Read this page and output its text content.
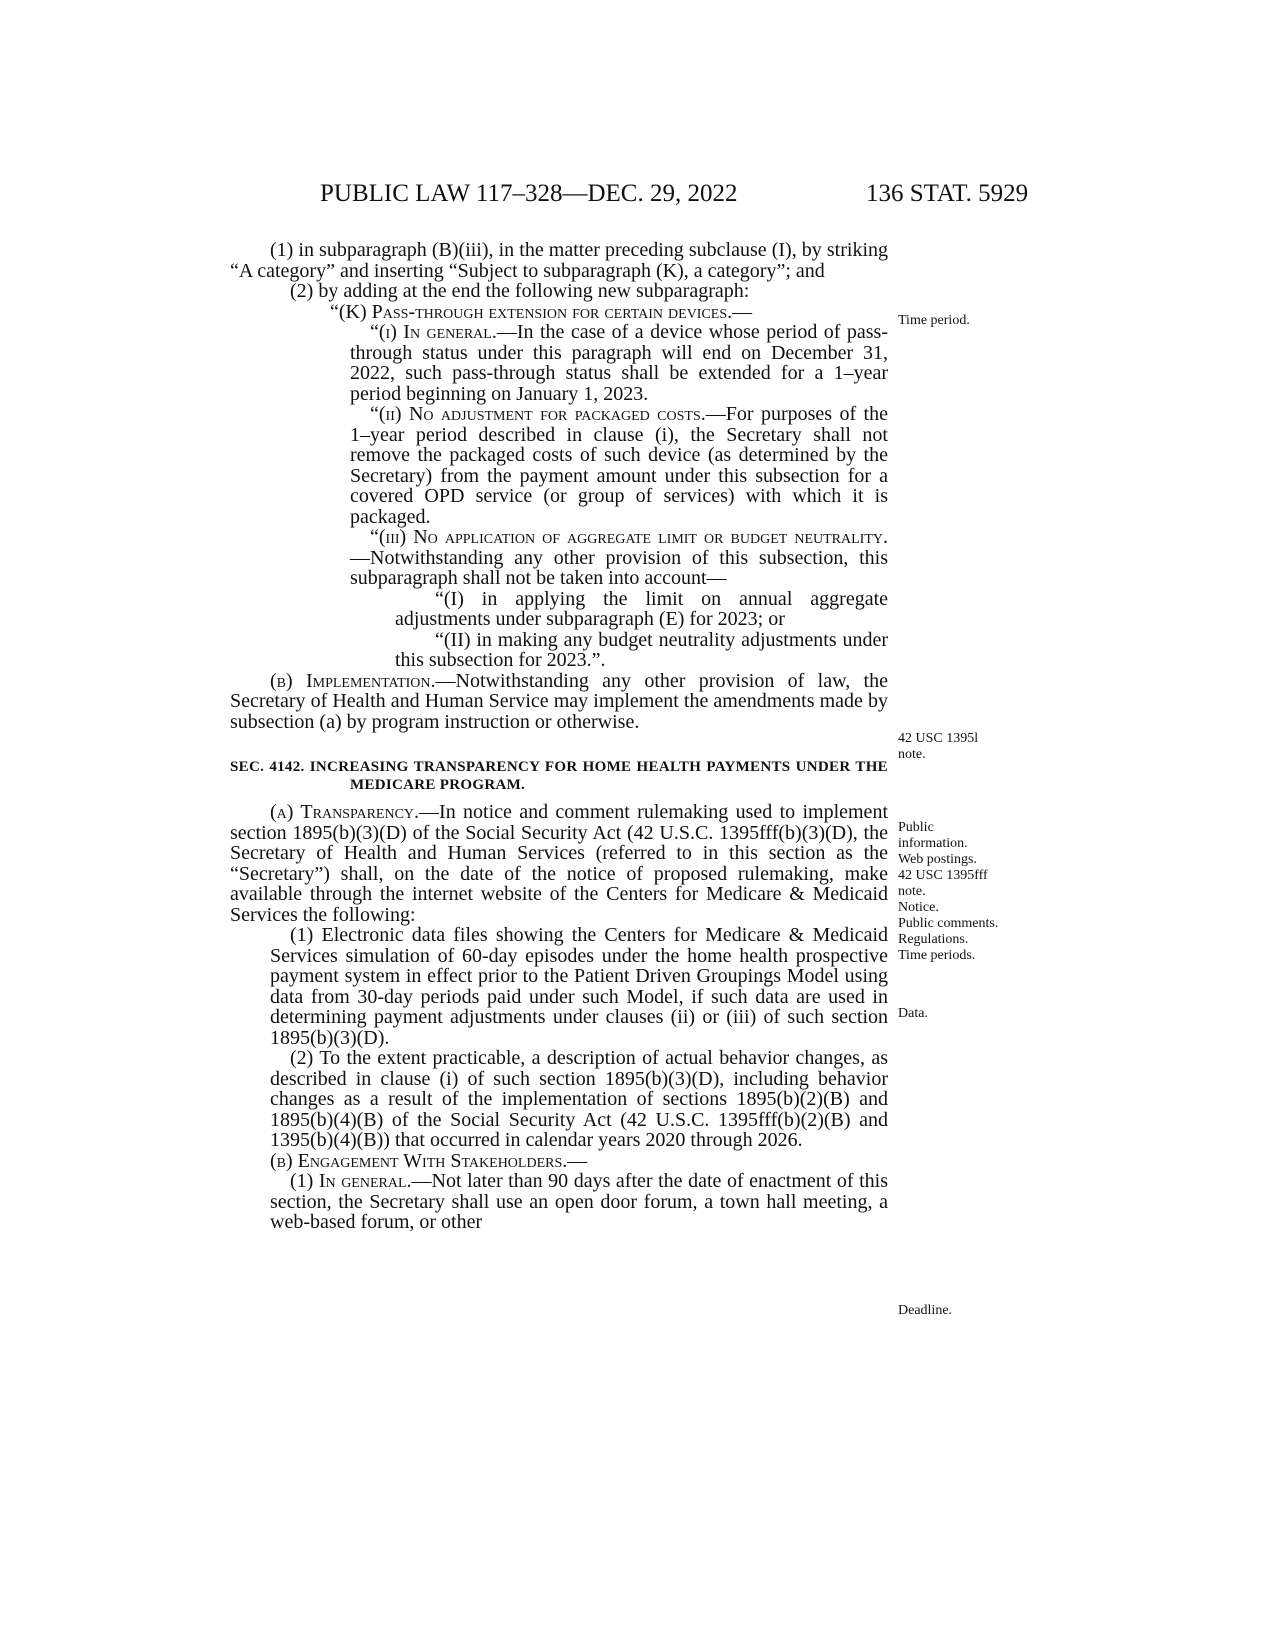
PUBLIC LAW 117–328—DEC. 29, 2022	136 STAT. 5929

(1) in subparagraph (B)(iii), in the matter preceding subclause (I), by striking “A category” and inserting “Subject to subparagraph (K), a category”; and

(2) by adding at the end the following new subparagraph:

“(K) Pass-through extension for certain devices.—

“(i) In general.—In the case of a device whose period of pass-through status under this paragraph will end on December 31, 2022, such pass-through status shall be extended for a 1–year period beginning on January 1, 2023.

“(ii) No adjustment for packaged costs.—For purposes of the 1–year period described in clause (i), the Secretary shall not remove the packaged costs of such device (as determined by the Secretary) from the payment amount under this subsection for a covered OPD service (or group of services) with which it is packaged.

“(iii) No application of aggregate limit or budget neutrality.—Notwithstanding any other provision of this subsection, this subparagraph shall not be taken into account—

“(I) in applying the limit on annual aggregate adjustments under subparagraph (E) for 2023; or

“(II) in making any budget neutrality adjustments under this subsection for 2023.”.

(b) Implementation.—Notwithstanding any other provision of law, the Secretary of Health and Human Service may implement the amendments made by subsection (a) by program instruction or otherwise.

SEC. 4142. INCREASING TRANSPARENCY FOR HOME HEALTH PAYMENTS UNDER THE MEDICARE PROGRAM.

(a) Transparency.—In notice and comment rulemaking used to implement section 1895(b)(3)(D) of the Social Security Act (42 U.S.C. 1395fff(b)(3)(D), the Secretary of Health and Human Services (referred to in this section as the “Secretary”) shall, on the date of the notice of proposed rulemaking, make available through the internet website of the Centers for Medicare & Medicaid Services the following:

(1) Electronic data files showing the Centers for Medicare & Medicaid Services simulation of 60-day episodes under the home health prospective payment system in effect prior to the Patient Driven Groupings Model using data from 30-day periods paid under such Model, if such data are used in determining payment adjustments under clauses (ii) or (iii) of such section 1895(b)(3)(D).

(2) To the extent practicable, a description of actual behavior changes, as described in clause (i) of such section 1895(b)(3)(D), including behavior changes as a result of the implementation of sections 1895(b)(2)(B) and 1895(b)(4)(B) of the Social Security Act (42 U.S.C. 1395fff(b)(2)(B) and 1395(b)(4)(B)) that occurred in calendar years 2020 through 2026.

(b) Engagement With Stakeholders.—

(1) In general.—Not later than 90 days after the date of enactment of this section, the Secretary shall use an open door forum, a town hall meeting, a web-based forum, or other

Time period.
42 USC 1395l
note.
Public
information.
Web postings.
42 USC 1395fff
note.
Notice.
Public comments.
Regulations.
Time periods.
Data.
Deadline.
